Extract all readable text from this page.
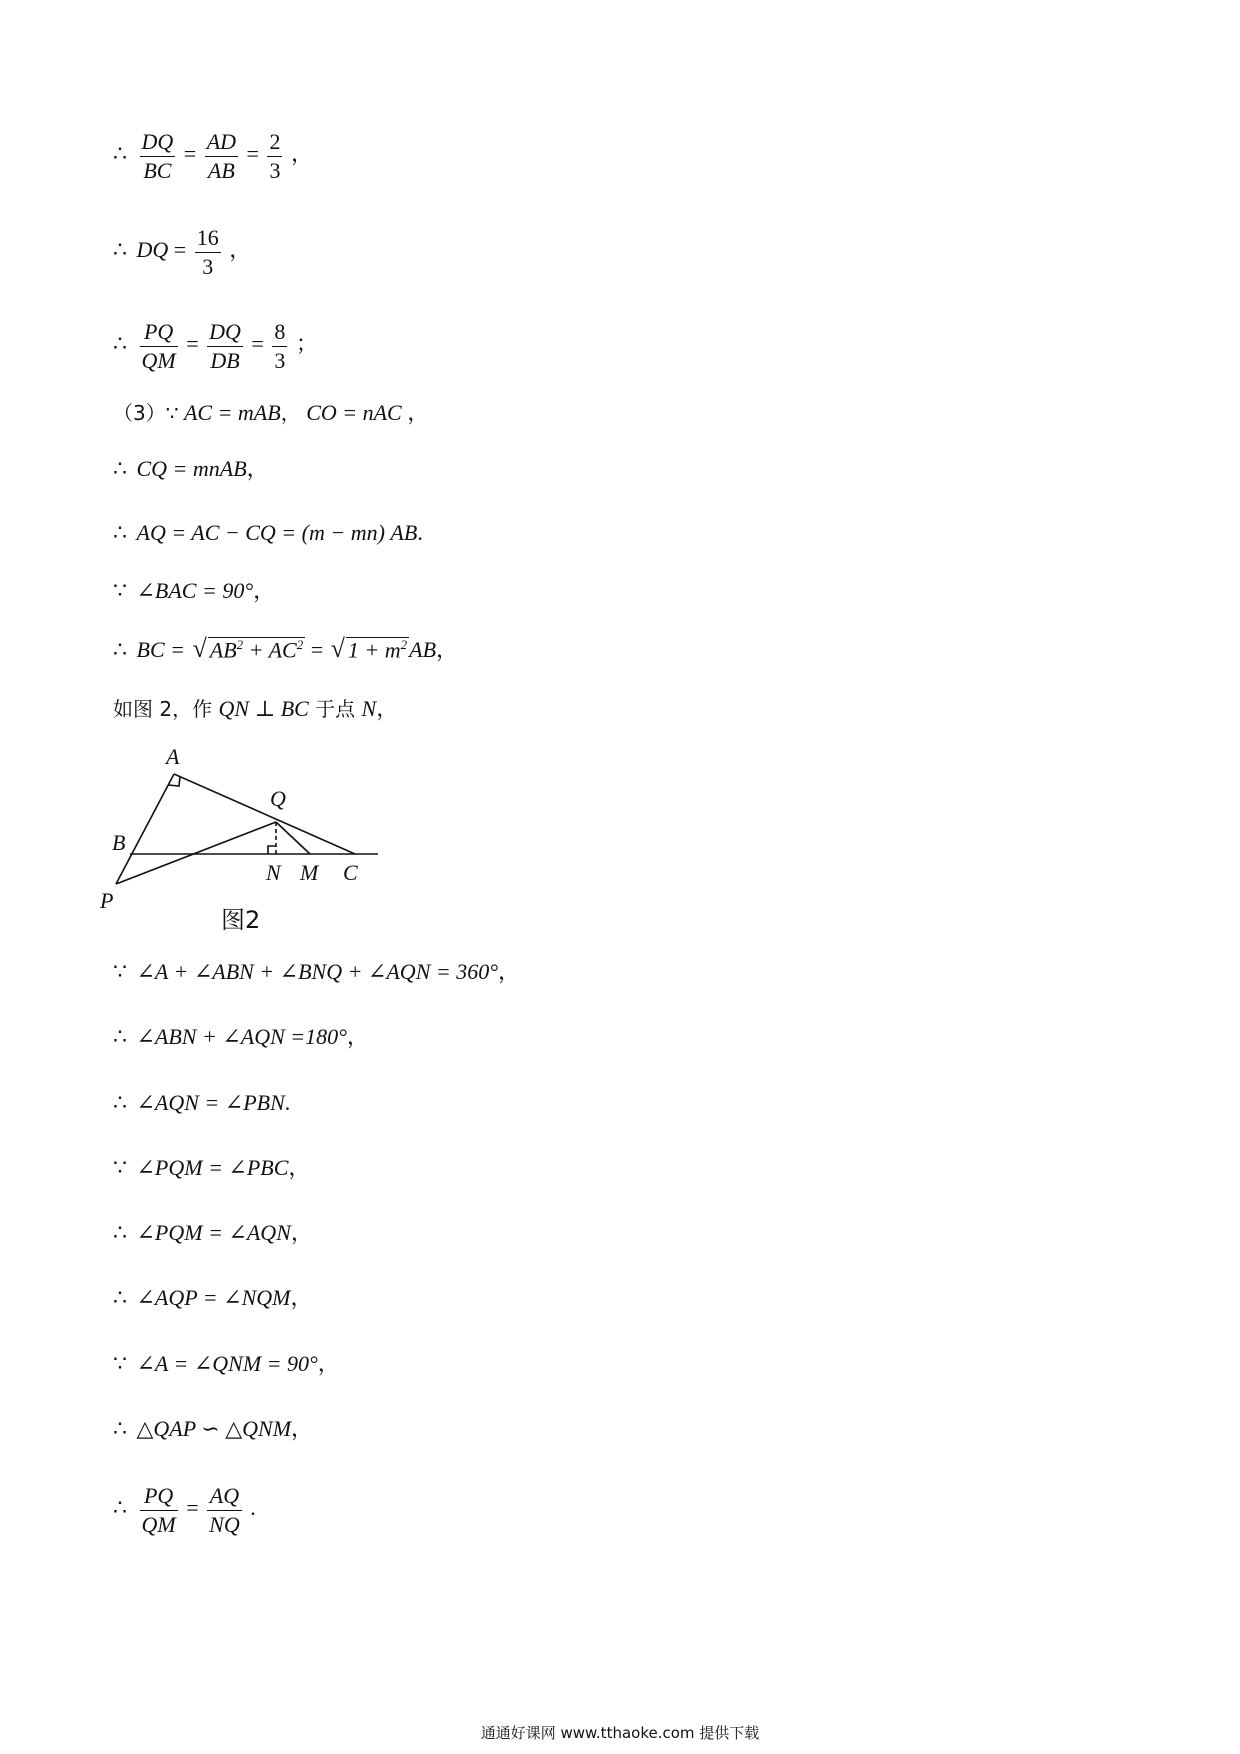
∴ $\frac{DQ}{BC} = \frac{AD}{AB} = \frac{2}{3}$ ，
∴ DQ = $\frac{16}{3}$ ，
∴ $\frac{PQ}{QM} = \frac{DQ}{DB} = \frac{8}{3}$ ；
（3）∵ AC = mAB， CO = nAC ，
∴ CQ = mnAB，
∴ AQ = AC − CQ = (m − mn) AB.
∵ ∠BAC = 90°，
∴ BC = √ $AB^2 + AC^2$ = √ $1 + m^2AB$，
如图 2，作 QN ⊥ BC 于点 N，
A
Q
B
N M C
P
图2
∵ ∠A + ∠ABN + ∠BNQ + ∠AQN = 360°，
∴ ∠ABN + ∠AQN =180°，
∴ ∠AQN = ∠PBN.
∵ ∠PQM = ∠PBC，
∴ ∠PQM = ∠AQN，
∴ ∠AQP = ∠NQM，
∵ ∠A = ∠QNM = 90°，
∴ △QAP ∽ △QNM，
∴ $\frac{PQ}{QM} = \frac{AQ}{NQ}$ .
通通好课网 www.tthaoke.com 提供下载
